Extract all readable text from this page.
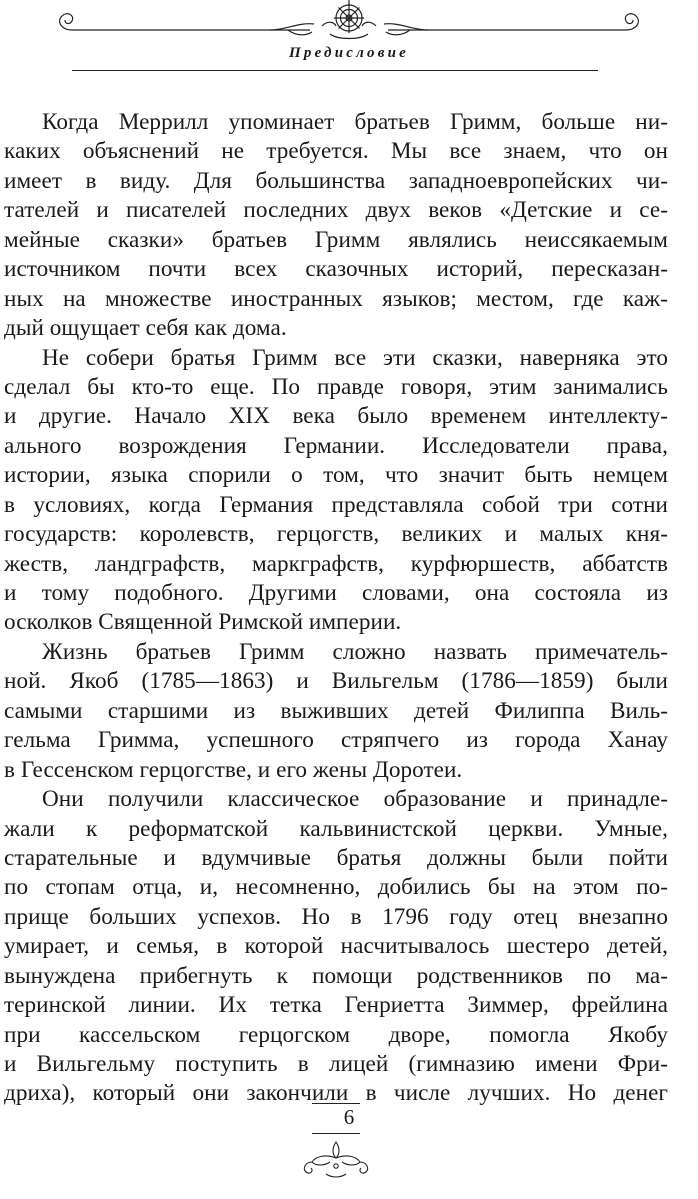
Предисловие

Когда Меррилл упоминает братьев Гримм, больше ни-
каких объяснений не требуется. Мы все знаем, что он
имеет в виду. Для большинства западноевропейских чи-
тателей и писателей последних двух веков «Детские и се-
мейные сказки» братьев Гримм являлись неиссякаемым
источником почти всех сказочных историй, пересказан-
ных на множестве иностранных языков; местом, где каж-
дый ощущает себя как дома.

Не собери братья Гримм все эти сказки, наверняка это
сделал бы кто-то еще. По правде говоря, этим занимались
и другие. Начало XIX века было временем интеллекту-
ального возрождения Германии. Исследователи права,
истории, языка спорили о том, что значит быть немцем
в условиях, когда Германия представляла собой три сотни
государств: королевств, герцогств, великих и малых кня-
жеств, ландграфств, маркграфств, курфюршеств, аббатств
и тому подобного. Другими словами, она состояла из
осколков Священной Римской империи.

Жизнь братьев Гримм сложно назвать примечатель-
ной. Якоб (1785—1863) и Вильгельм (1786—1859) были
самыми старшими из выживших детей Филиппа Виль-
гельма Гримма, успешного стряпчего из города Ханау
в Гессенском герцогстве, и его жены Доротеи.

Они получили классическое образование и принадле-
жали к реформатской кальвинистской церкви. Умные,
старательные и вдумчивые братья должны были пойти
по стопам отца, и, несомненно, добились бы на этом по-
прище больших успехов. Но в 1796 году отец внезапно
умирает, и семья, в которой насчитывалось шестеро детей,
вынуждена прибегнуть к помощи родственников по ма-
теринской линии. Их тетка Генриетта Зиммер, фрейлина
при кассельском герцогском дворе, помогла Якобу
и Вильгельму поступить в лицей (гимназию имени Фри-
дриха), который они закончили в числе лучших. Но денег

6
